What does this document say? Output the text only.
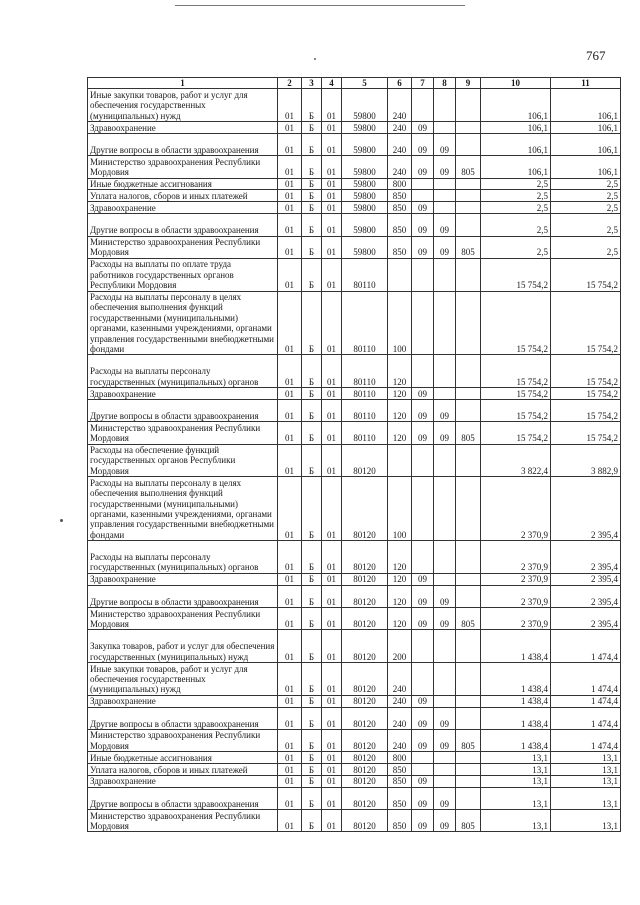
767
1	2	3	4	5	6	7	8	9	10	11
Иные закупки товаров, работ и услуг для обеспечения государственных (муниципальных) нужд	01	Б	01	59800	240				106,1	106,1
Здравоохранение	01	Б	01	59800	240	09			106,1	106,1
Другие вопросы в области здравоохранения	01	Б	01	59800	240	09	09		106,1	106,1
Министерство здравоохранения Республики Мордовия	01	Б	01	59800	240	09	09	805	106,1	106,1
Иные бюджетные ассигнования	01	Б	01	59800	800				2,5	2,5
Уплата налогов, сборов и иных платежей	01	Б	01	59800	850				2,5	2,5
Здравоохранение	01	Б	01	59800	850	09			2,5	2,5
Другие вопросы в области здравоохранения	01	Б	01	59800	850	09	09		2,5	2,5
Министерство здравоохранения Республики Мордовия	01	Б	01	59800	850	09	09	805	2,5	2,5
Расходы на выплаты по оплате труда работников государственных органов Республики Мордовия	01	Б	01	80110					15 754,2	15 754,2
Расходы на выплаты персоналу в целях обеспечения выполнения функций государственными (муниципальными) органами, казенными учреждениями, органами управления государственными внебюджетными фондами	01	Б	01	80110	100				15 754,2	15 754,2
Расходы на выплаты персоналу государственных (муниципальных) органов	01	Б	01	80110	120				15 754,2	15 754,2
Здравоохранение	01	Б	01	80110	120	09			15 754,2	15 754,2
Другие вопросы в области здравоохранения	01	Б	01	80110	120	09	09		15 754,2	15 754,2
Министерство здравоохранения Республики Мордовия	01	Б	01	80110	120	09	09	805	15 754,2	15 754,2
Расходы на обеспечение функций государственных органов Республики Мордовия	01	Б	01	80120					3 822,4	3 882,9
Расходы на выплаты персоналу в целях обеспечения выполнения функций государственными (муниципальными) органами, казенными учреждениями, органами управления государственными внебюджетными фондами	01	Б	01	80120	100				2 370,9	2 395,4
Расходы на выплаты персоналу государственных (муниципальных) органов	01	Б	01	80120	120				2 370,9	2 395,4
Здравоохранение	01	Б	01	80120	120	09			2 370,9	2 395,4
Другие вопросы в области здравоохранения	01	Б	01	80120	120	09	09		2 370,9	2 395,4
Министерство здравоохранения Республики Мордовия	01	Б	01	80120	120	09	09	805	2 370,9	2 395,4
Закупка товаров, работ и услуг для обеспечения государственных (муниципальных) нужд	01	Б	01	80120	200				1 438,4	1 474,4
Иные закупки товаров, работ и услуг для обеспечения государственных (муниципальных) нужд	01	Б	01	80120	240				1 438,4	1 474,4
Здравоохранение	01	Б	01	80120	240	09			1 438,4	1 474,4
Другие вопросы в области здравоохранения	01	Б	01	80120	240	09	09		1 438,4	1 474,4
Министерство здравоохранения Республики Мордовия	01	Б	01	80120	240	09	09	805	1 438,4	1 474,4
Иные бюджетные ассигнования	01	Б	01	80120	800				13,1	13,1
Уплата налогов, сборов и иных платежей	01	Б	01	80120	850				13,1	13,1
Здравоохранение	01	Б	01	80120	850	09			13,1	13,1
Другие вопросы в области здравоохранения	01	Б	01	80120	850	09	09		13,1	13,1
Министерство здравоохранения Республики Мордовия	01	Б	01	80120	850	09	09	805	13,1	13,1
